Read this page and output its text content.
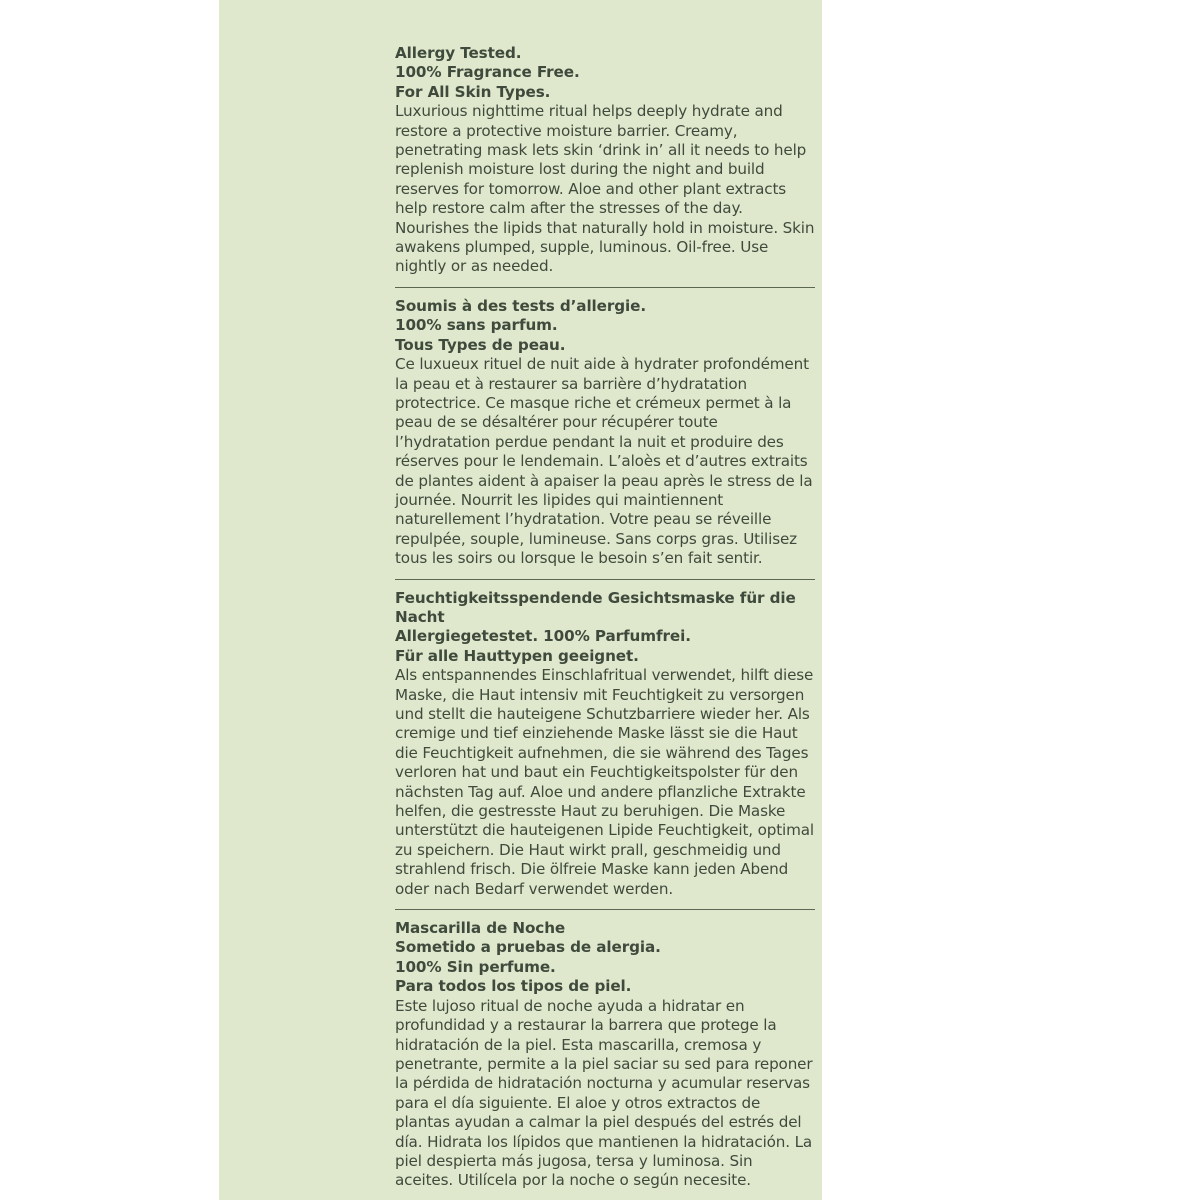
Allergy Tested.
100% Fragrance Free.
For All Skin Types.
Luxurious nighttime ritual helps deeply hydrate and restore a protective moisture barrier. Creamy, penetrating mask lets skin ‘drink in’ all it needs to help replenish moisture lost during the night and build reserves for tomorrow. Aloe and other plant extracts help restore calm after the stresses of the day. Nourishes the lipids that naturally hold in moisture. Skin awakens plumped, supple, luminous. Oil-free. Use nightly or as needed.
Soumis à des tests d’allergie.
100% sans parfum.
Tous Types de peau.
Ce luxueux rituel de nuit aide à hydrater profondément la peau et à restaurer sa barrière d’hydratation protectrice. Ce masque riche et crémeux permet à la peau de se désaltérer pour récupérer toute l’hydratation perdue pendant la nuit et produire des réserves pour le lendemain. L’aloès et d’autres extraits de plantes aident à apaiser la peau après le stress de la journée. Nourrit les lipides qui maintiennent naturellement l’hydratation. Votre peau se réveille repulpée, souple, lumineuse. Sans corps gras. Utilisez tous les soirs ou lorsque le besoin s’en fait sentir.
Feuchtigkeitsspendende Gesichtsmaske für die Nacht
Allergiegetestet. 100% Parfumfrei.
Für alle Hauttypen geeignet.
Als entspannendes Einschlafritual verwendet, hilft diese Maske, die Haut intensiv mit Feuchtigkeit zu versorgen und stellt die hauteigene Schutzbarriere wieder her. Als cremige und tief einziehende Maske lässt sie die Haut die Feuchtigkeit aufnehmen, die sie während des Tages verloren hat und baut ein Feuchtigkeitspolster für den nächsten Tag auf. Aloe und andere pflanzliche Extrakte helfen, die gestresste Haut zu beruhigen. Die Maske unterstützt die hauteigenen Lipide Feuchtigkeit, optimal zu speichern. Die Haut wirkt prall, geschmeidig und strahlend frisch. Die ölfreie Maske kann jeden Abend oder nach Bedarf verwendet werden.
Mascarilla de Noche
Sometido a pruebas de alergia.
100% Sin perfume.
Para todos los tipos de piel.
Este lujoso ritual de noche ayuda a hidratar en profundidad y a restaurar la barrera que protege la hidratación de la piel. Esta mascarilla, cremosa y penetrante, permite a la piel saciar su sed para reponer la pérdida de hidratación nocturna y acumular reservas para el día siguiente. El aloe y otros extractos de plantas ayudan a calmar la piel después del estrés del día. Hidrata los lípidos que mantienen la hidratación. La piel despierta más jugosa, tersa y luminosa. Sin aceites. Utilícela por la noche o según necesite.
